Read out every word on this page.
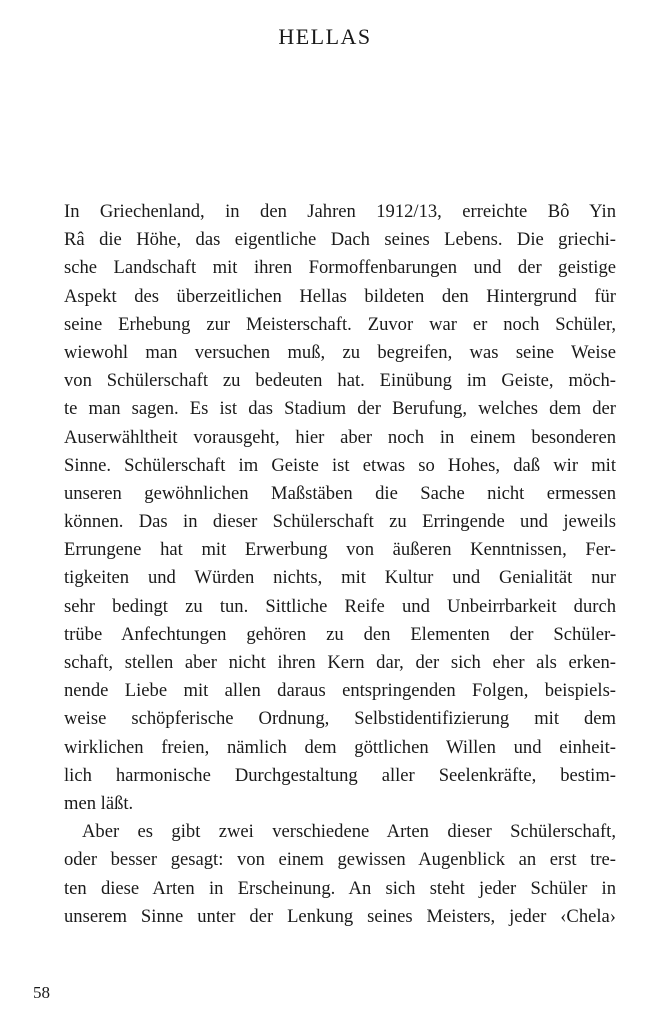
HELLAS
In Griechenland, in den Jahren 1912/13, erreichte Bô Yin
Râ die Höhe, das eigentliche Dach seines Lebens. Die griechi-
sche Landschaft mit ihren Formoffenbarungen und der geistige
Aspekt des überzeitlichen Hellas bildeten den Hintergrund für
seine Erhebung zur Meisterschaft. Zuvor war er noch Schüler,
wiewohl man versuchen muß, zu begreifen, was seine Weise
von Schülerschaft zu bedeuten hat. Einübung im Geiste, möch-
te man sagen. Es ist das Stadium der Berufung, welches dem der
Auserwähltheit vorausgeht, hier aber noch in einem besonderen
Sinne. Schülerschaft im Geiste ist etwas so Hohes, daß wir mit
unseren gewöhnlichen Maßstäben die Sache nicht ermessen
können. Das in dieser Schülerschaft zu Erringende und jeweils
Errungene hat mit Erwerbung von äußeren Kenntnissen, Fer-
tigkeiten und Würden nichts, mit Kultur und Genialität nur
sehr bedingt zu tun. Sittliche Reife und Unbeirrbarkeit durch
trübe Anfechtungen gehören zu den Elementen der Schüler-
schaft, stellen aber nicht ihren Kern dar, der sich eher als erken-
nende Liebe mit allen daraus entspringenden Folgen, beispiels-
weise schöpferische Ordnung, Selbstidentifizierung mit dem
wirklichen freien, nämlich dem göttlichen Willen und einheit-
lich harmonische Durchgestaltung aller Seelenkräfte, bestim-
men läßt.
Aber es gibt zwei verschiedene Arten dieser Schülerschaft,
oder besser gesagt: von einem gewissen Augenblick an erst tre-
ten diese Arten in Erscheinung. An sich steht jeder Schüler in
unserem Sinne unter der Lenkung seines Meisters, jeder ‹Chela›
58
